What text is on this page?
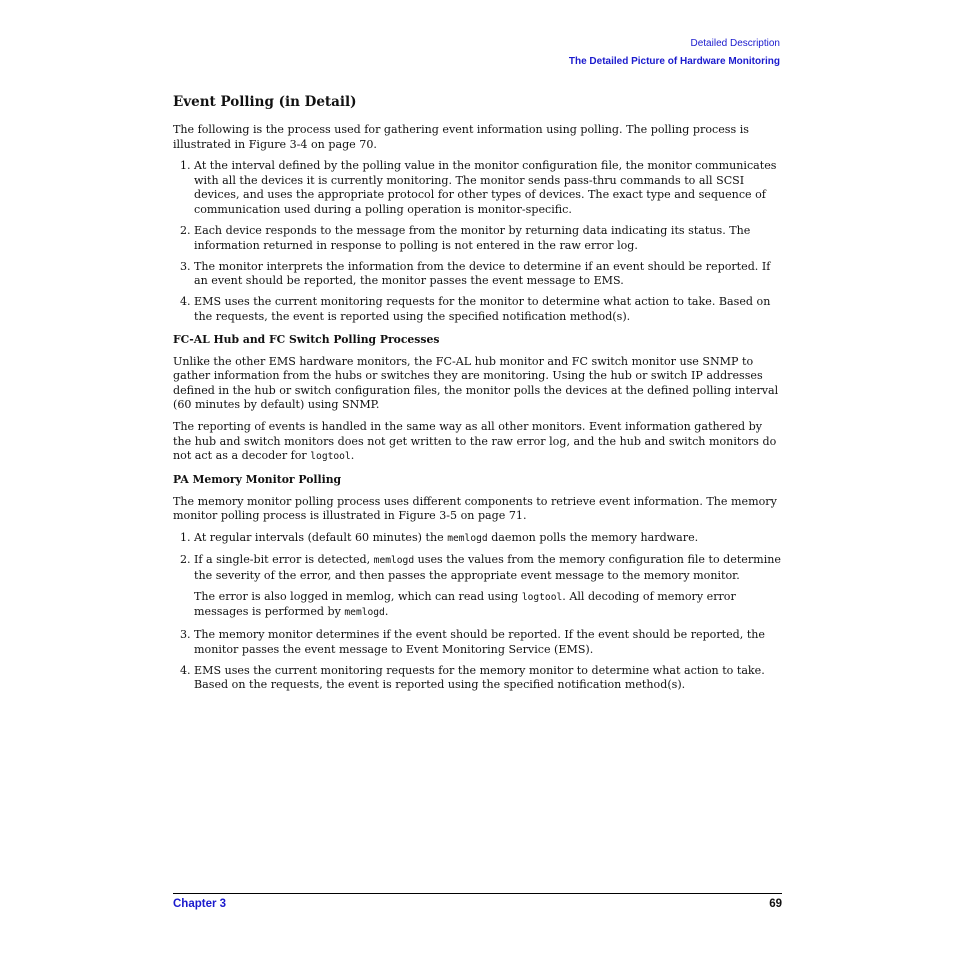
Detailed Description
The Detailed Picture of Hardware Monitoring
Event Polling (in Detail)

The following is the process used for gathering event information using polling. The polling process is illustrated in Figure 3-4 on page 70.

1. At the interval defined by the polling value in the monitor configuration file, the monitor communicates with all the devices it is currently monitoring. The monitor sends pass-thru commands to all SCSI devices, and uses the appropriate protocol for other types of devices. The exact type and sequence of communication used during a polling operation is monitor-specific.
2. Each device responds to the message from the monitor by returning data indicating its status. The information returned in response to polling is not entered in the raw error log.
3. The monitor interprets the information from the device to determine if an event should be reported. If an event should be reported, the monitor passes the event message to EMS.
4. EMS uses the current monitoring requests for the monitor to determine what action to take. Based on the requests, the event is reported using the specified notification method(s).
FC-AL Hub and FC Switch Polling Processes

Unlike the other EMS hardware monitors, the FC-AL hub monitor and FC switch monitor use SNMP to gather information from the hubs or switches they are monitoring. Using the hub or switch IP addresses defined in the hub or switch configuration files, the monitor polls the devices at the defined polling interval (60 minutes by default) using SNMP.

The reporting of events is handled in the same way as all other monitors. Event information gathered by the hub and switch monitors does not get written to the raw error log, and the hub and switch monitors do not act as a decoder for logtool.

PA Memory Monitor Polling

The memory monitor polling process uses different components to retrieve event information. The memory monitor polling process is illustrated in Figure 3-5 on page 71.

1. At regular intervals (default 60 minutes) the memlogd daemon polls the memory hardware.
2. If a single-bit error is detected, memlogd uses the values from the memory configuration file to determine the severity of the error, and then passes the appropriate event message to the memory monitor.
The error is also logged in memlog, which can read using logtool. All decoding of memory error messages is performed by memlogd.
3. The memory monitor determines if the event should be reported. If the event should be reported, the monitor passes the event message to Event Monitoring Service (EMS).
4. EMS uses the current monitoring requests for the memory monitor to determine what action to take. Based on the requests, the event is reported using the specified notification method(s).
Chapter 3	69
